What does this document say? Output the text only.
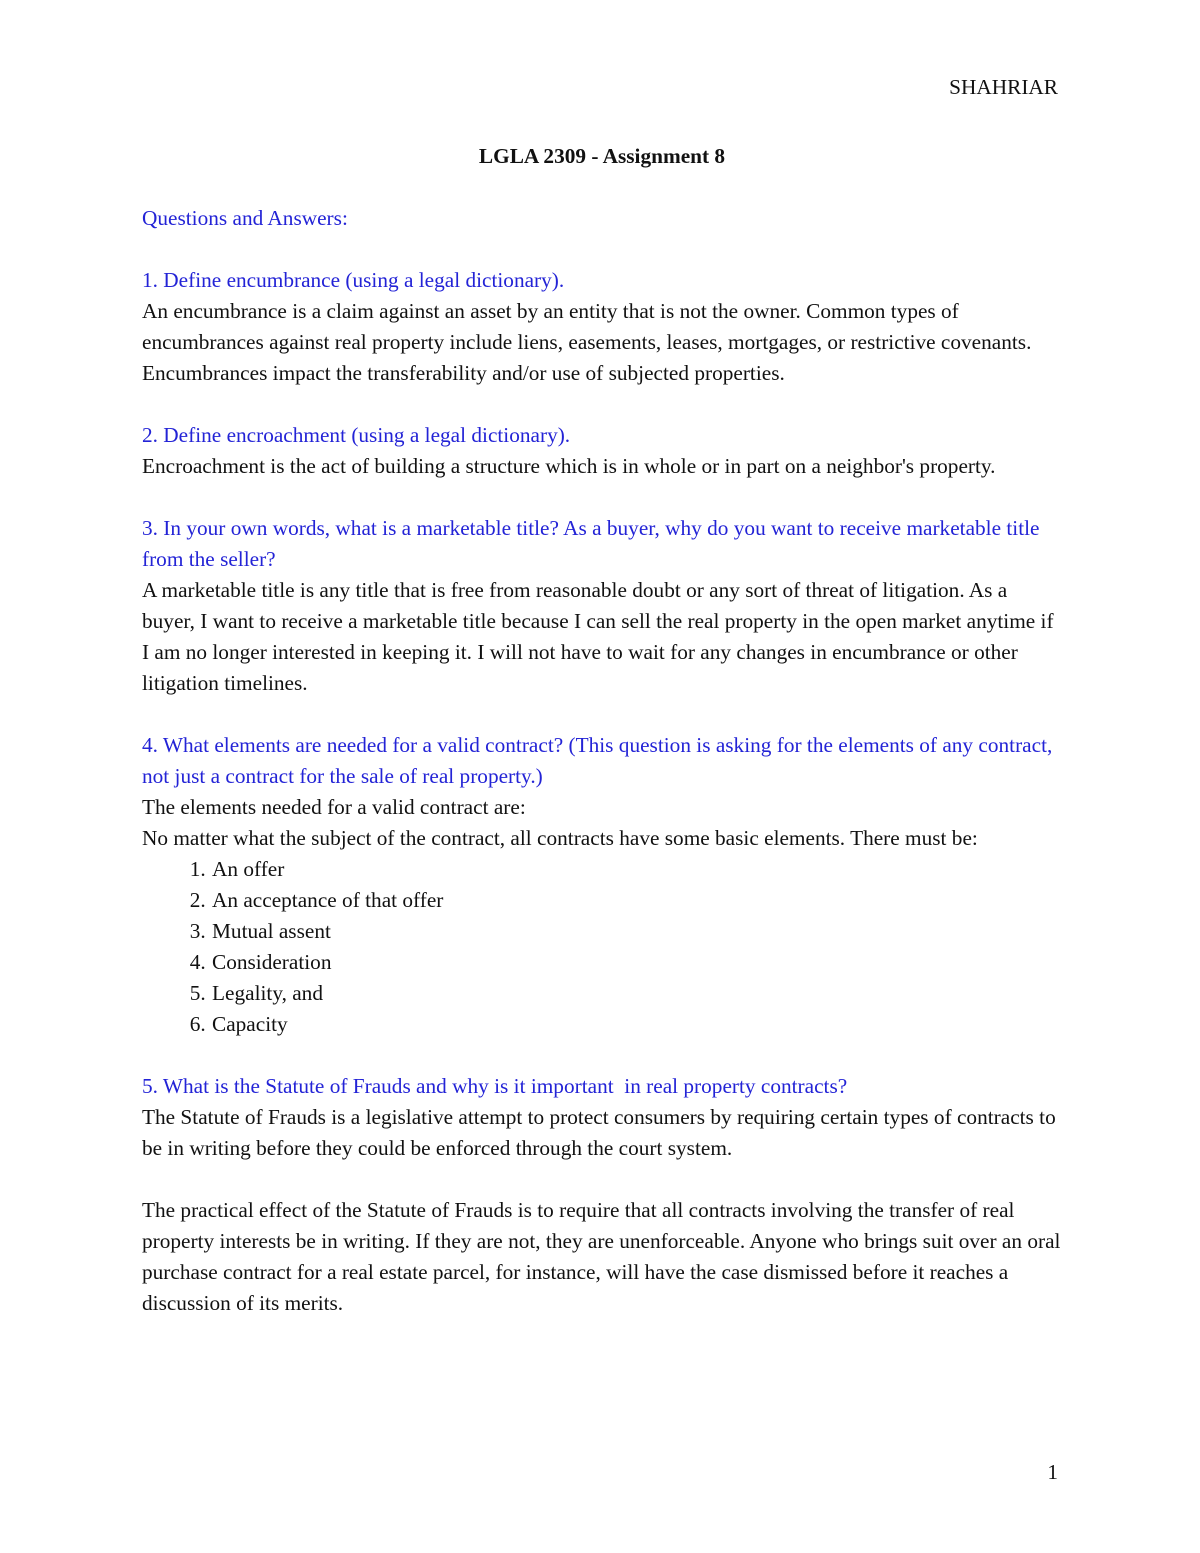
SHAHRIAR

LGLA 2309 - Assignment 8

Questions and Answers:

1. Define encumbrance (using a legal dictionary).

An encumbrance is a claim against an asset by an entity that is not the owner. Common types of encumbrances against real property include liens, easements, leases, mortgages, or restrictive covenants. Encumbrances impact the transferability and/or use of subjected properties.

2. Define encroachment (using a legal dictionary).

Encroachment is the act of building a structure which is in whole or in part on a neighbor's property.

3. In your own words, what is a marketable title? As a buyer, why do you want to receive marketable title from the seller?

A marketable title is any title that is free from reasonable doubt or any sort of threat of litigation. As a buyer, I want to receive a marketable title because I can sell the real property in the open market anytime if I am no longer interested in keeping it. I will not have to wait for any changes in encumbrance or other litigation timelines.

4. What elements are needed for a valid contract? (This question is asking for the elements of any contract, not just a contract for the sale of real property.)

The elements needed for a valid contract are:

No matter what the subject of the contract, all contracts have some basic elements. There must be:

1. An offer
2. An acceptance of that offer
3. Mutual assent
4. Consideration
5. Legality, and
6. Capacity

5. What is the Statute of Frauds and why is it important  in real property contracts?

The Statute of Frauds is a legislative attempt to protect consumers by requiring certain types of contracts to be in writing before they could be enforced through the court system.

The practical effect of the Statute of Frauds is to require that all contracts involving the transfer of real property interests be in writing. If they are not, they are unenforceable. Anyone who brings suit over an oral purchase contract for a real estate parcel, for instance, will have the case dismissed before it reaches a discussion of its merits.

1
